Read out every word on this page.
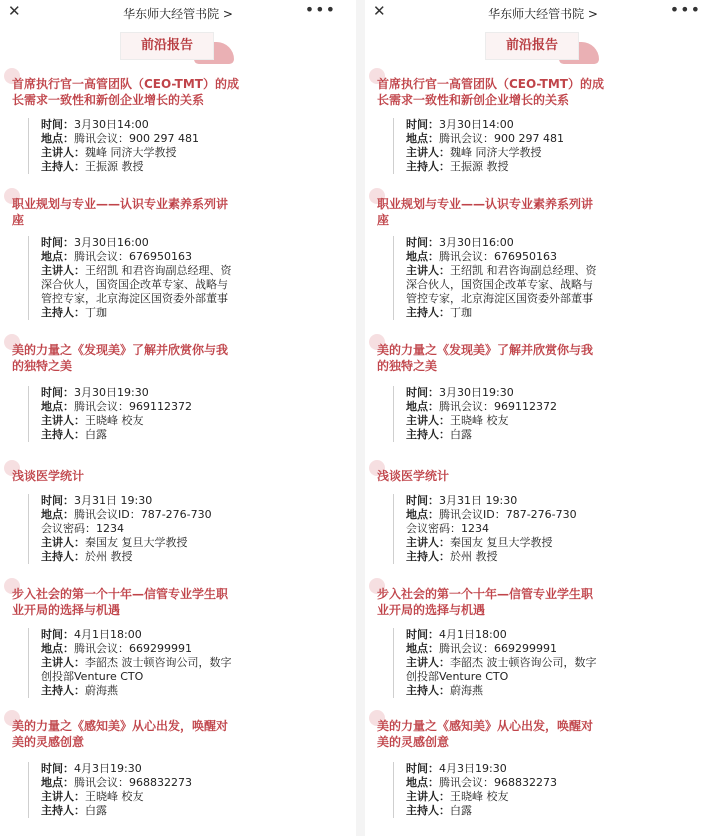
✕	华东师大经管书院 >	•••
前沿报告
首席执行官一高管团队（CEO-TMT）的成
长需求一致性和新创企业增长的关系
时间：3月30日14:00
地点：腾讯会议：900 297 481
主讲人：魏峰 同济大学教授
主持人：王振源 教授
职业规划与专业——认识专业素养系列讲
座
时间：3月30日16:00
地点：腾讯会议：676950163
主讲人：王绍凯 和君咨询副总经理、资
深合伙人，国资国企改革专家、战略与
管控专家，北京海淀区国资委外部董事
主持人：丁珈
美的力量之《发现美》了解并欣赏你与我
的独特之美
时间：3月30日19:30
地点：腾讯会议：969112372
主讲人：王晓峰 校友
主持人：白露
浅谈医学统计
时间：3月31日 19:30
地点：腾讯会议ID：787-276-730
会议密码：1234
主讲人：秦国友 复旦大学教授
主持人：於州 教授
步入社会的第一个十年—信管专业学生职
业开局的选择与机遇
时间：4月1日18:00
地点：腾讯会议：669299991
主讲人：李韶杰 波士顿咨询公司，数字
创投部Venture CTO
主持人：蔚海燕
美的力量之《感知美》从心出发，唤醒对
美的灵感创意
时间：4月3日19:30
地点：腾讯会议：968832273
主讲人：王晓峰 校友
主持人：白露
✕	华东师大经管书院 >	•••
前沿报告
首席执行官一高管团队（CEO-TMT）的成
长需求一致性和新创企业增长的关系
时间：3月30日14:00
地点：腾讯会议：900 297 481
主讲人：魏峰 同济大学教授
主持人：王振源 教授
职业规划与专业——认识专业素养系列讲
座
时间：3月30日16:00
地点：腾讯会议：676950163
主讲人：王绍凯 和君咨询副总经理、资
深合伙人，国资国企改革专家、战略与
管控专家，北京海淀区国资委外部董事
主持人：丁珈
美的力量之《发现美》了解并欣赏你与我
的独特之美
时间：3月30日19:30
地点：腾讯会议：969112372
主讲人：王晓峰 校友
主持人：白露
浅谈医学统计
时间：3月31日 19:30
地点：腾讯会议ID：787-276-730
会议密码：1234
主讲人：秦国友 复旦大学教授
主持人：於州 教授
步入社会的第一个十年—信管专业学生职
业开局的选择与机遇
时间：4月1日18:00
地点：腾讯会议：669299991
主讲人：李韶杰 波士顿咨询公司，数字
创投部Venture CTO
主持人：蔚海燕
美的力量之《感知美》从心出发，唤醒对
美的灵感创意
时间：4月3日19:30
地点：腾讯会议：968832273
主讲人：王晓峰 校友
主持人：白露
